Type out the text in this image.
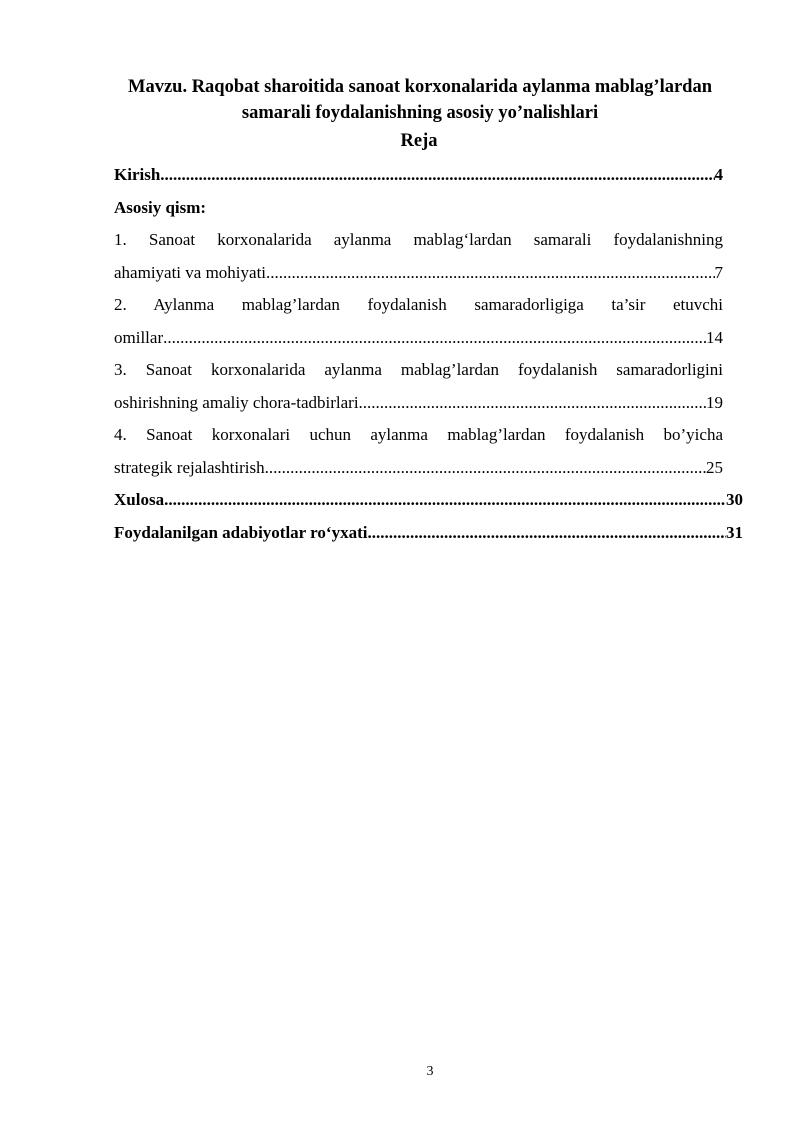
Mavzu. Raqobat sharoitida sanoat korxonalarida aylanma mablag’lardan
samarali foydalanishning asosiy yo’nalishlari
Reja
Kirish .....	4
Asosiy qism:
1. Sanoat korxonalarida aylanma mablag‘lardan samarali foydalanishning
ahamiyati va mohiyati .....	7
2. Aylanma mablag’lardan foydalanish samaradorligiga ta’sir etuvchi
omillar .....	14
3. Sanoat korxonalarida aylanma mablag’lardan foydalanish samaradorligini
oshirishning amaliy chora-tadbirlari .....	19
4. Sanoat korxonalari uchun aylanma mablag’lardan foydalanish bo’yicha
strategik rejalashtirish .....	25
Xulosa .....	30
Foydalanilgan adabiyotlar ro‘yxati .....	31
3
